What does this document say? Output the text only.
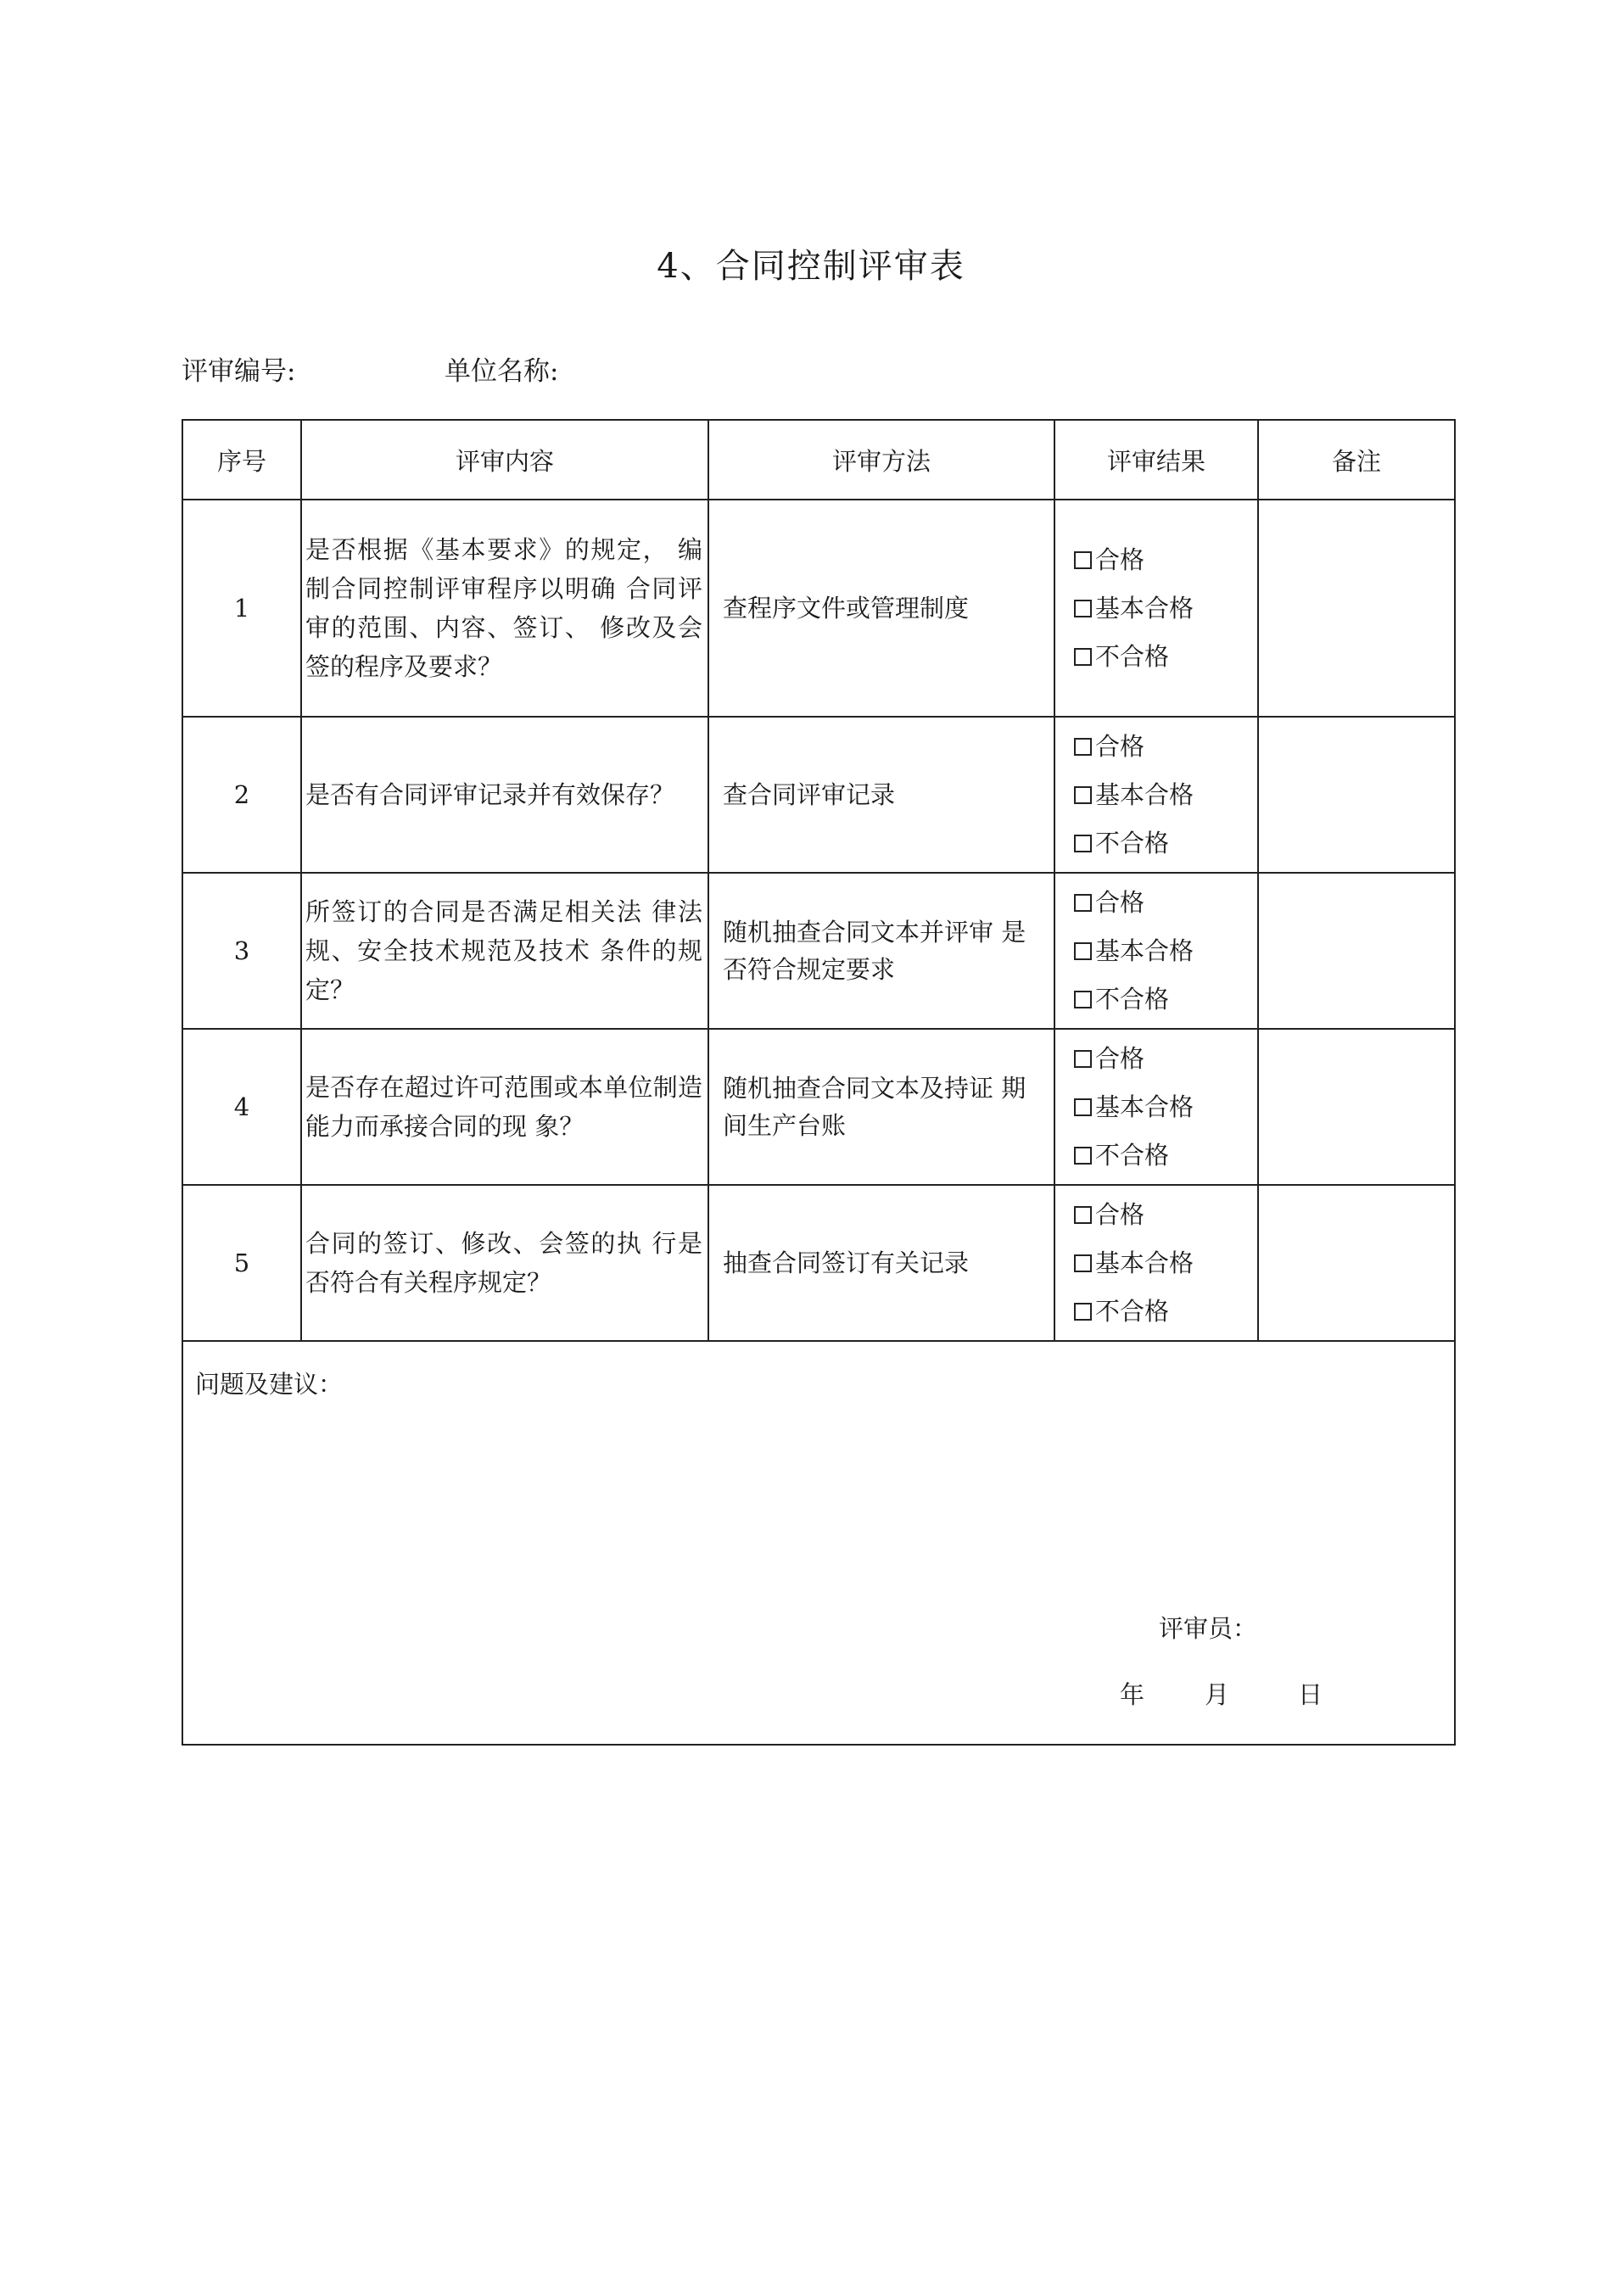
4、合同控制评审表
评审编号:	单位名称:
序号	评审内容	评审方法	评审结果	备注
1	是否根据《基本要求》的规定， 编制合同控制评审程序以明确 合同评审的范围、内容、签订、 修改及会签的程序及要求？	查程序文件或管理制度	合格
基本合格
不合格	

2	是否有合同评审记录并有效保存？	查合同评审记录	合格
基本合格
不合格	

3	所签订的合同是否满足相关法 律法规、安全技术规范及技术 条件的规定？	随机抽查合同文本并评审 是否符合规定要求	合格
基本合格
不合格	

4	是否存在超过许可范围或本单位制造能力而承接合同的现 象？	随机抽查合同文本及持证 期间生产台账	合格
基本合格
不合格	

5	合同的签订、修改、会签的执 行是否符合有关程序规定？	抽查合同签订有关记录	合格
基本合格
不合格	

问题及建议：
评审员：
年 月 日				
